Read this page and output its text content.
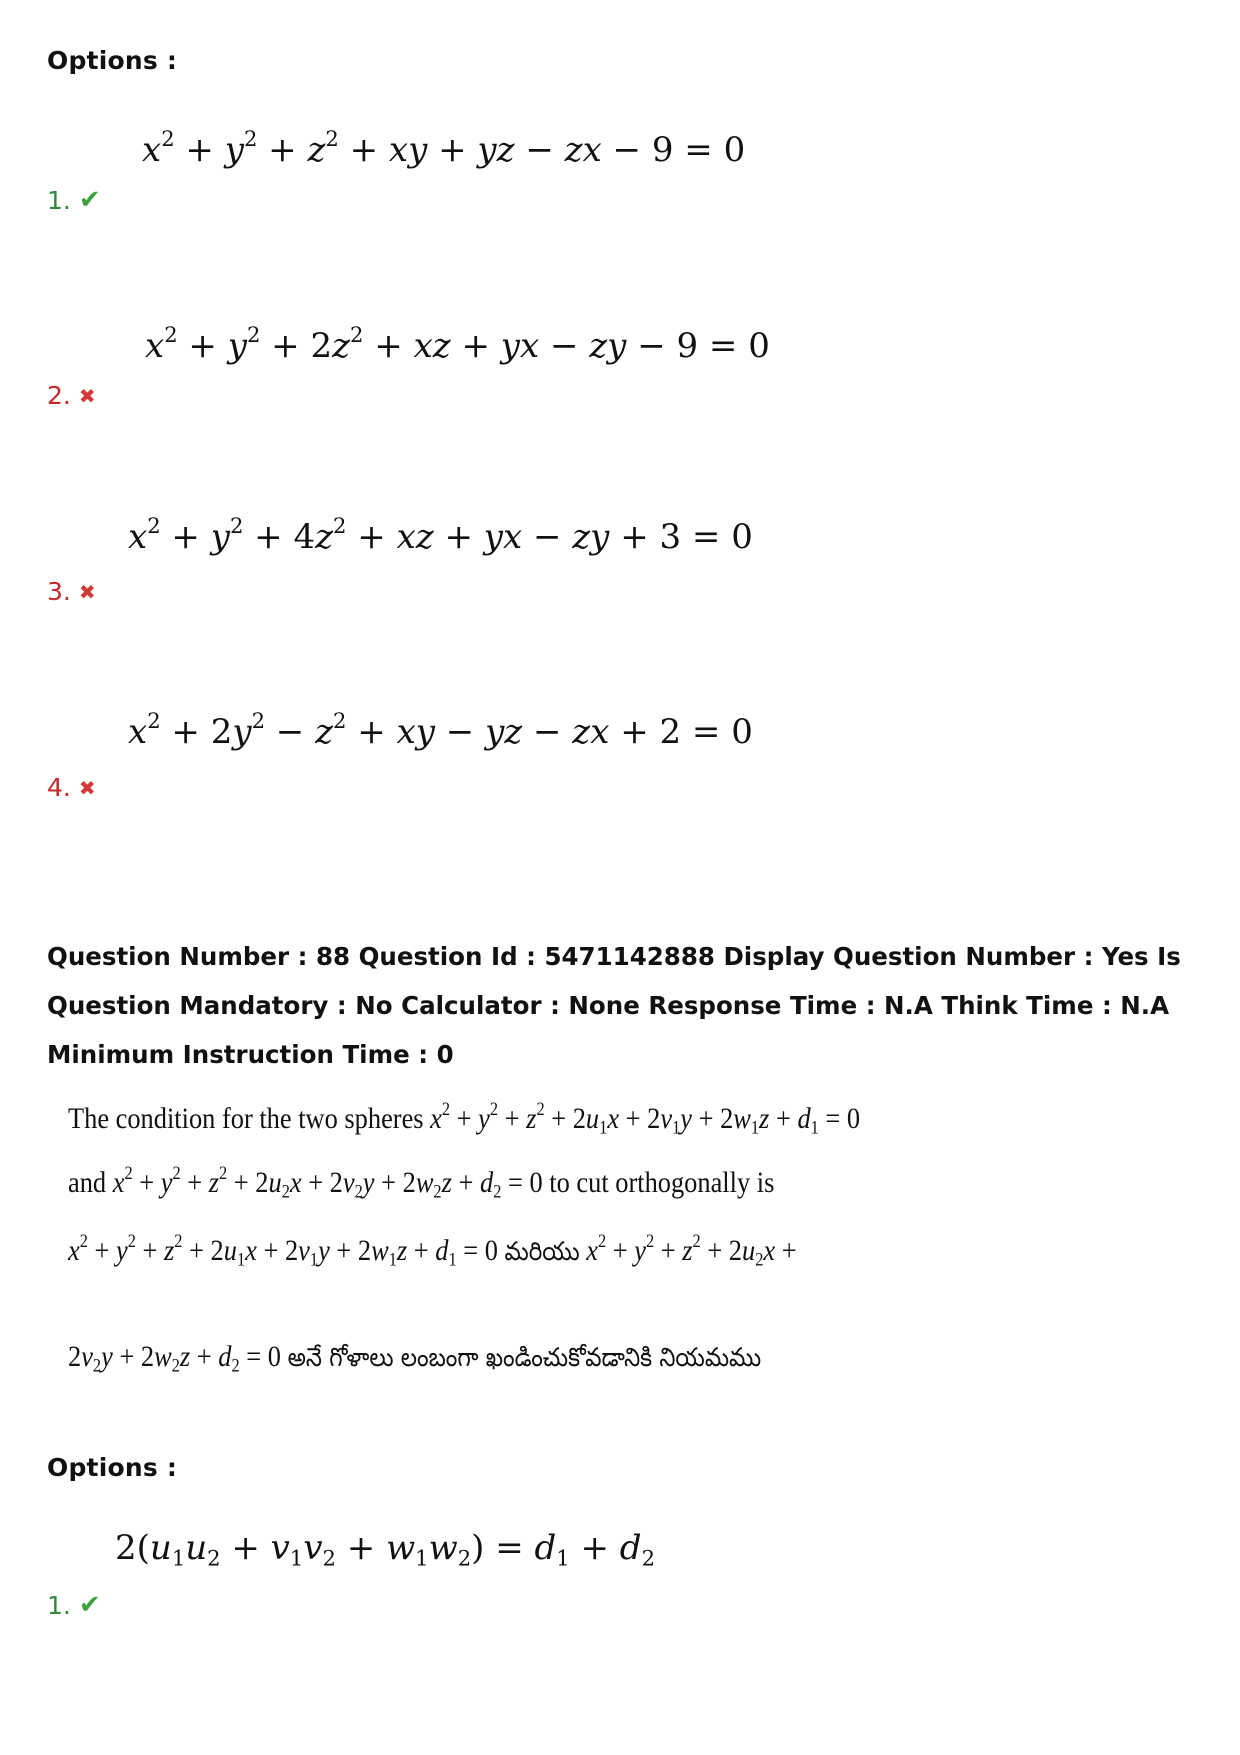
Options :
$x^2 + y^2 + z^2$ + xy + yz − zx − 9 = 0
1. ✔
$x^2 + y^2 + 2z^2$ + xz + yx − zy − 9 = 0
2. ✖
$x^2 + y^2 + 4z^2$ + xz + yx − zy + 3 = 0
3. ✖
$x^2 + 2y^2 - z^2$ + xy − yz − zx + 2 = 0
4. ✖

Question Number : 88 Question Id : 5471142888 Display Question Number : Yes Is Question Mandatory : No Calculator : None Response Time : N.A Think Time : N.A Minimum Instruction Time : 0

The condition for the two spheres $x^2 + y^2 + z^2 + 2u_1x + 2v_1y + 2w_1z + d_1 = 0$
and $x^2 + y^2 + z^2 + 2u_2x + 2v_2y + 2w_2z + d_2 = 0$ to cut orthogonally is
$x^2 + y^2 + z^2 + 2u_1x + 2v_1y + 2w_1z + d_1 = 0$ మరియు $x^2 + y^2 + z^2 + 2u_2x$ +
$2v_2y + 2w_2z + d_2 = 0$ అనే గోళాలు లంబంగా ఖండించుకోవడానికి నియమము
Options :
$2(u_1u_2 + v_1v_2 + w_1w_2) = d_1 + d_2$
1. ✔
